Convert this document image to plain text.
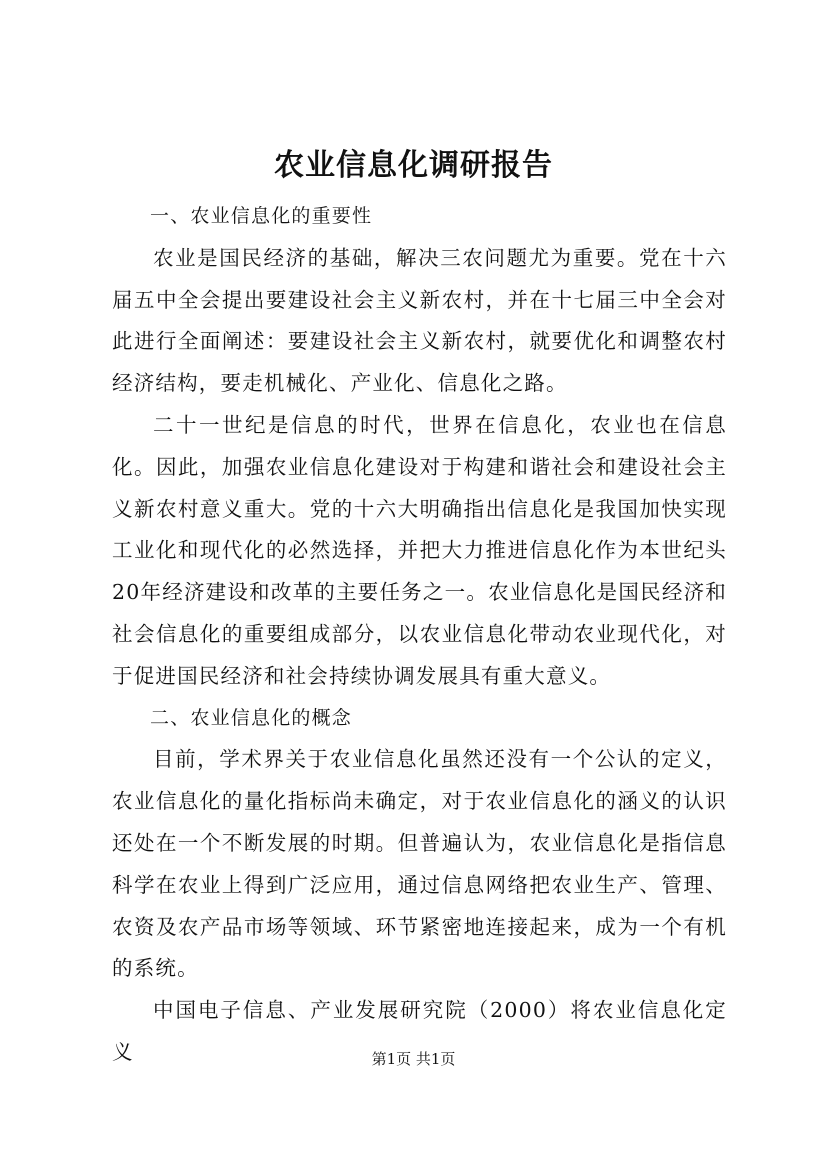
农业信息化调研报告

一、农业信息化的重要性

农业是国民经济的基础，解决三农问题尤为重要。党在十六届五中全会提出要建设社会主义新农村，并在十七届三中全会对此进行全面阐述：要建设社会主义新农村，就要优化和调整农村经济结构，要走机械化、产业化、信息化之路。

二十一世纪是信息的时代，世界在信息化，农业也在信息化。因此，加强农业信息化建设对于构建和谐社会和建设社会主义新农村意义重大。党的十六大明确指出信息化是我国加快实现工业化和现代化的必然选择，并把大力推进信息化作为本世纪头20年经济建设和改革的主要任务之一。农业信息化是国民经济和社会信息化的重要组成部分，以农业信息化带动农业现代化，对于促进国民经济和社会持续协调发展具有重大意义。

二、农业信息化的概念

目前，学术界关于农业信息化虽然还没有一个公认的定义，农业信息化的量化指标尚未确定，对于农业信息化的涵义的认识还处在一个不断发展的时期。但普遍认为，农业信息化是指信息科学在农业上得到广泛应用，通过信息网络把农业生产、管理、农资及农产品市场等领域、环节紧密地连接起来，成为一个有机的系统。

中国电子信息、产业发展研究院（2000）将农业信息化定义	第1页 共1页
